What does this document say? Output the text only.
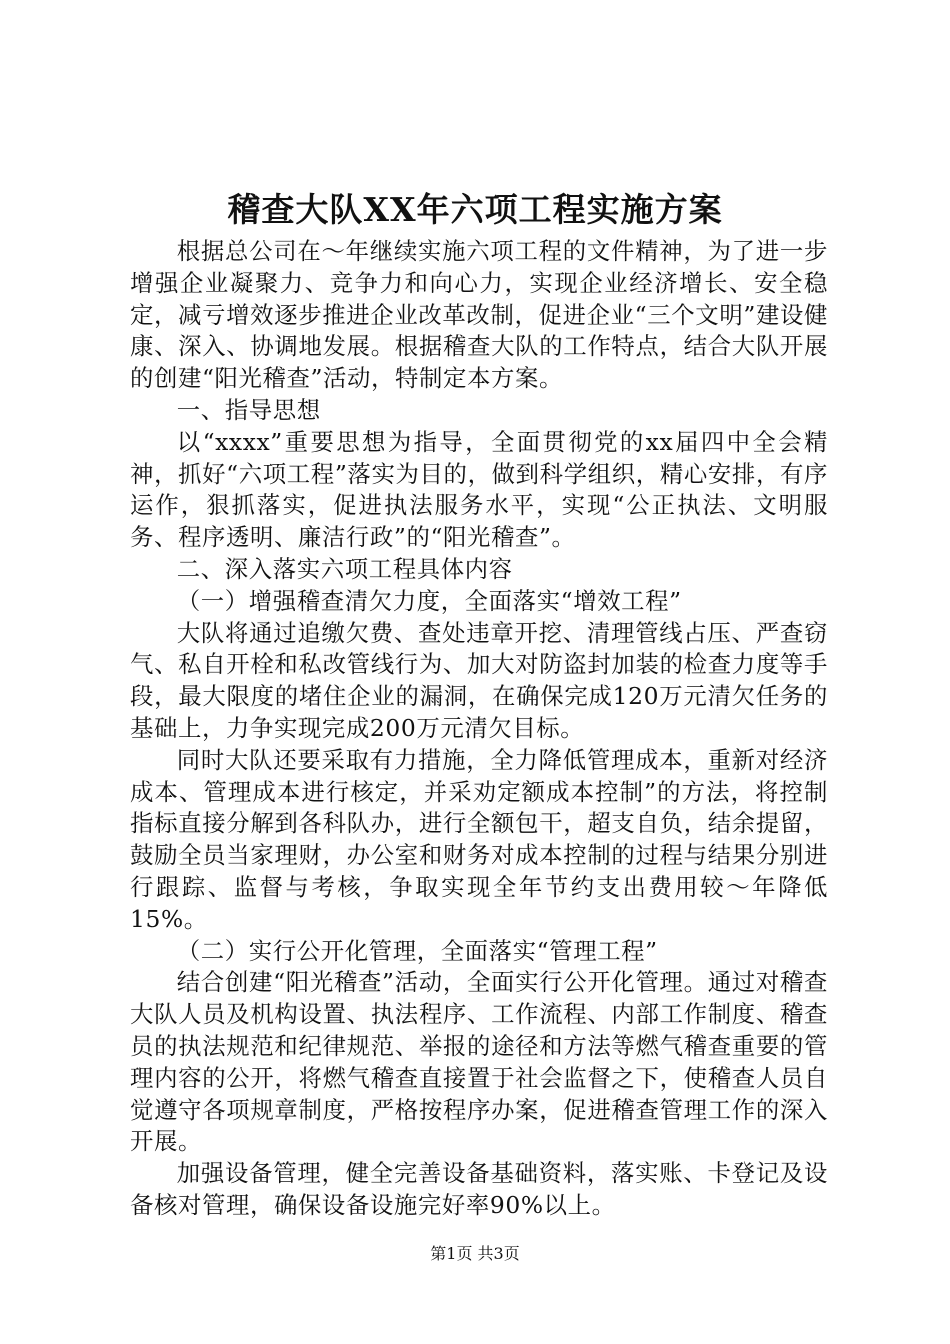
稽查大队XX年六项工程实施方案

根据总公司在～年继续实施六项工程的文件精神，为了进一步增强企业凝聚力、竞争力和向心力，实现企业经济增长、安全稳定，减亏增效逐步推进企业改革改制，促进企业“三个文明”建设健康、深入、协调地发展。根据稽查大队的工作特点，结合大队开展的创建“阳光稽查”活动，特制定本方案。

一、指导思想

以“xxxx”重要思想为指导，全面贯彻党的xx届四中全会精神，抓好“六项工程”落实为目的，做到科学组织，精心安排，有序运作，狠抓落实，促进执法服务水平，实现“公正执法、文明服务、程序透明、廉洁行政”的“阳光稽查”。

二、深入落实六项工程具体内容

（一）增强稽查清欠力度，全面落实“增效工程”

大队将通过追缴欠费、查处违章开挖、清理管线占压、严查窃气、私自开栓和私改管线行为、加大对防盗封加装的检查力度等手段，最大限度的堵住企业的漏洞，在确保完成120万元清欠任务的基础上，力争实现完成200万元清欠目标。

同时大队还要采取有力措施，全力降低管理成本，重新对经济成本、管理成本进行核定，并采劝定额成本控制”的方法，将控制指标直接分解到各科队办，进行全额包干，超支自负，结余提留，鼓励全员当家理财，办公室和财务对成本控制的过程与结果分别进行跟踪、监督与考核，争取实现全年节约支出费用较～年降低15%。

（二）实行公开化管理，全面落实“管理工程”

结合创建“阳光稽查”活动，全面实行公开化管理。通过对稽查大队人员及机构设置、执法程序、工作流程、内部工作制度、稽查员的执法规范和纪律规范、举报的途径和方法等燃气稽查重要的管理内容的公开，将燃气稽查直接置于社会监督之下，使稽查人员自觉遵守各项规章制度，严格按程序办案，促进稽查管理工作的深入开展。

加强设备管理，健全完善设备基础资料，落实账、卡登记及设备核对管理，确保设备设施完好率90%以上。

第1页 共3页
